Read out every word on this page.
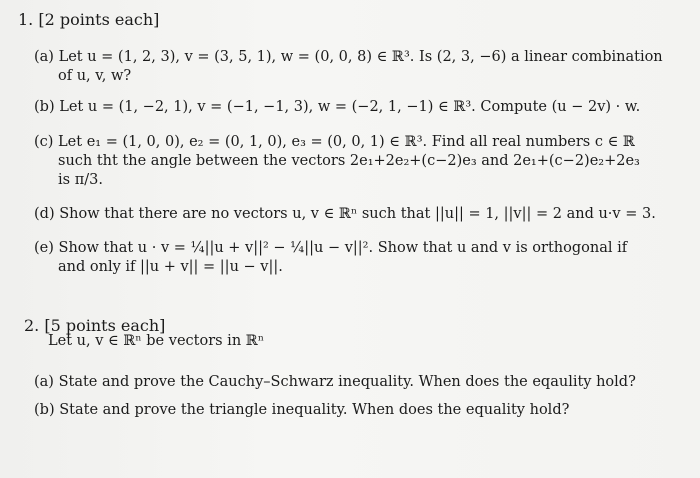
1. [2 points each]
(a) Let u = (1, 2, 3), v = (3, 5, 1), w = (0, 0, 8) ∈ ℝ³. Is (2, 3, −6) a linear combination
of u, v, w?
(b) Let u = (1, −2, 1), v = (−1, −1, 3), w = (−2, 1, −1) ∈ ℝ³. Compute (u − 2v) · w.
(c) Let e₁ = (1, 0, 0), e₂ = (0, 1, 0), e₃ = (0, 0, 1) ∈ ℝ³. Find all real numbers c ∈ ℝ
such tht the angle between the vectors 2e₁+2e₂+(c−2)e₃ and 2e₁+(c−2)e₂+2e₃
is π/3.
(d) Show that there are no vectors u, v ∈ ℝⁿ such that ||u|| = 1, ||v|| = 2 and u·v = 3.
(e) Show that u · v = ¼||u + v||² − ¼||u − v||². Show that u and v is orthogonal if
and only if ||u + v|| = ||u − v||.
2. [5 points each]
Let u, v ∈ ℝⁿ be vectors in ℝⁿ
(a) State and prove the Cauchy–Schwarz inequality. When does the eqaulity hold?
(b) State and prove the triangle inequality. When does the equality hold?
